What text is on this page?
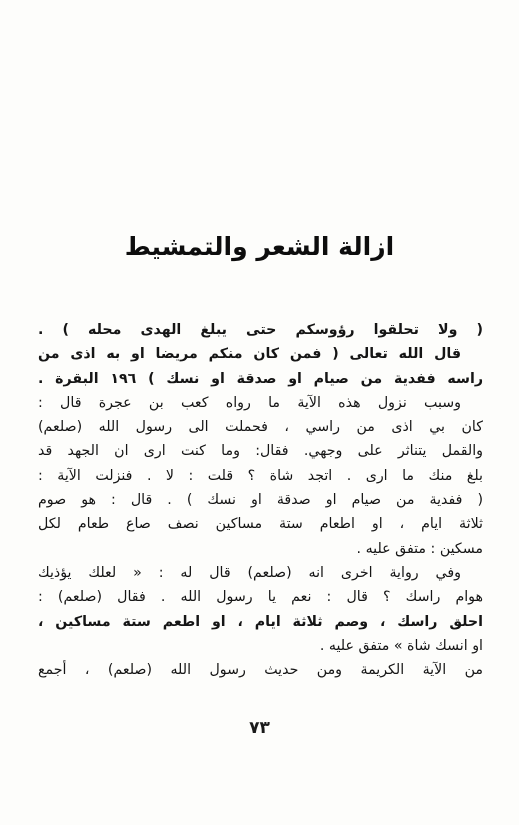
ازالة الشعر والتمشيط
( ولا تحلقوا رؤوسكم حتى يبلغ الهدى محله ) .
قال الله تعالى ( فمن كان منكم مريضا او به اذى من
راسه ففدية من صيام او صدقة او نسك ) ١٩٦ البقرة .
وسبب نزول هذه الآية ما رواه كعب بن عجرة قال :
كان بي اذى من راسي ، فحملت الى رسول الله (صلعم)
والقمل يتناثر على وجهي. فقال: وما كنت ارى ان الجهد قد
بلغ منك ما ارى . اتجد شاة ؟ قلت : لا . فنزلت الآية :
( ففدية من صيام او صدقة او نسك ) . قال : هو صوم
ثلاثة ايام ، او اطعام ستة مساكين نصف صاع طعام لكل
مسكين : متفق عليه .
وفي رواية اخرى انه (صلعم) قال له : « لعلك يؤذيك
هوام راسك ؟ قال : نعم يا رسول الله . فقال (صلعم) :
احلق راسك ، وصم ثلاثة ايام ، او اطعم ستة مساكين ،
او انسك شاة » متفق عليه .
من الآية الكريمة ومن حديث رسول الله (صلعم) ، أجمع
٧٣
